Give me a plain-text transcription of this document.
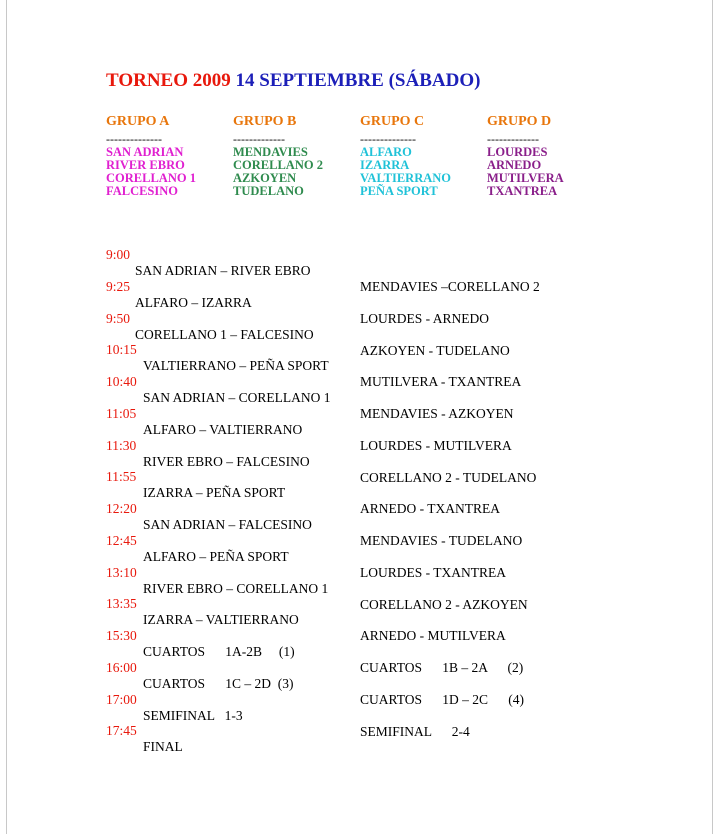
TORNEO 2009 14 SEPTIEMBRE (SÁBADO)
GRUPO A
--------------
SAN ADRIAN
RIVER EBRO
CORELLANO 1
FALCESINO
GRUPO B
-------------
MENDAVIES
CORELLANO 2
AZKOYEN
TUDELANO
GRUPO C
--------------
ALFARO
IZARRA
VALTIERRANO
PEÑA SPORT
GRUPO D
-------------
LOURDES
ARNEDO
MUTILVERA
TXANTREA

9:00

SAN ADRIAN – RIVER EBRO

MENDAVIES –CORELLANO 2

9:25

ALFARO – IZARRA

LOURDES - ARNEDO

9:50

CORELLANO 1 – FALCESINO

AZKOYEN - TUDELANO

10:15

VALTIERRANO – PEÑA SPORT

MUTILVERA - TXANTREA

10:40

SAN ADRIAN – CORELLANO 1

MENDAVIES - AZKOYEN

11:05

ALFARO – VALTIERRANO

LOURDES - MUTILVERA

11:30

RIVER EBRO – FALCESINO

CORELLANO 2 - TUDELANO

11:55

IZARRA – PEÑA SPORT

ARNEDO - TXANTREA

12:20

SAN ADRIAN – FALCESINO

MENDAVIES - TUDELANO

12:45

ALFARO – PEÑA SPORT

LOURDES - TXANTREA

13:10

RIVER EBRO – CORELLANO 1

CORELLANO 2 - AZKOYEN

13:35

IZARRA – VALTIERRANO

ARNEDO - MUTILVERA

15:30

CUARTOS      1A-2B     (1)

CUARTOS      1B – 2A      (2)

16:00

CUARTOS      1C – 2D  (3)

CUARTOS      1D – 2C      (4)

17:00

SEMIFINAL   1-3

SEMIFINAL      2-4

17:45

FINAL
